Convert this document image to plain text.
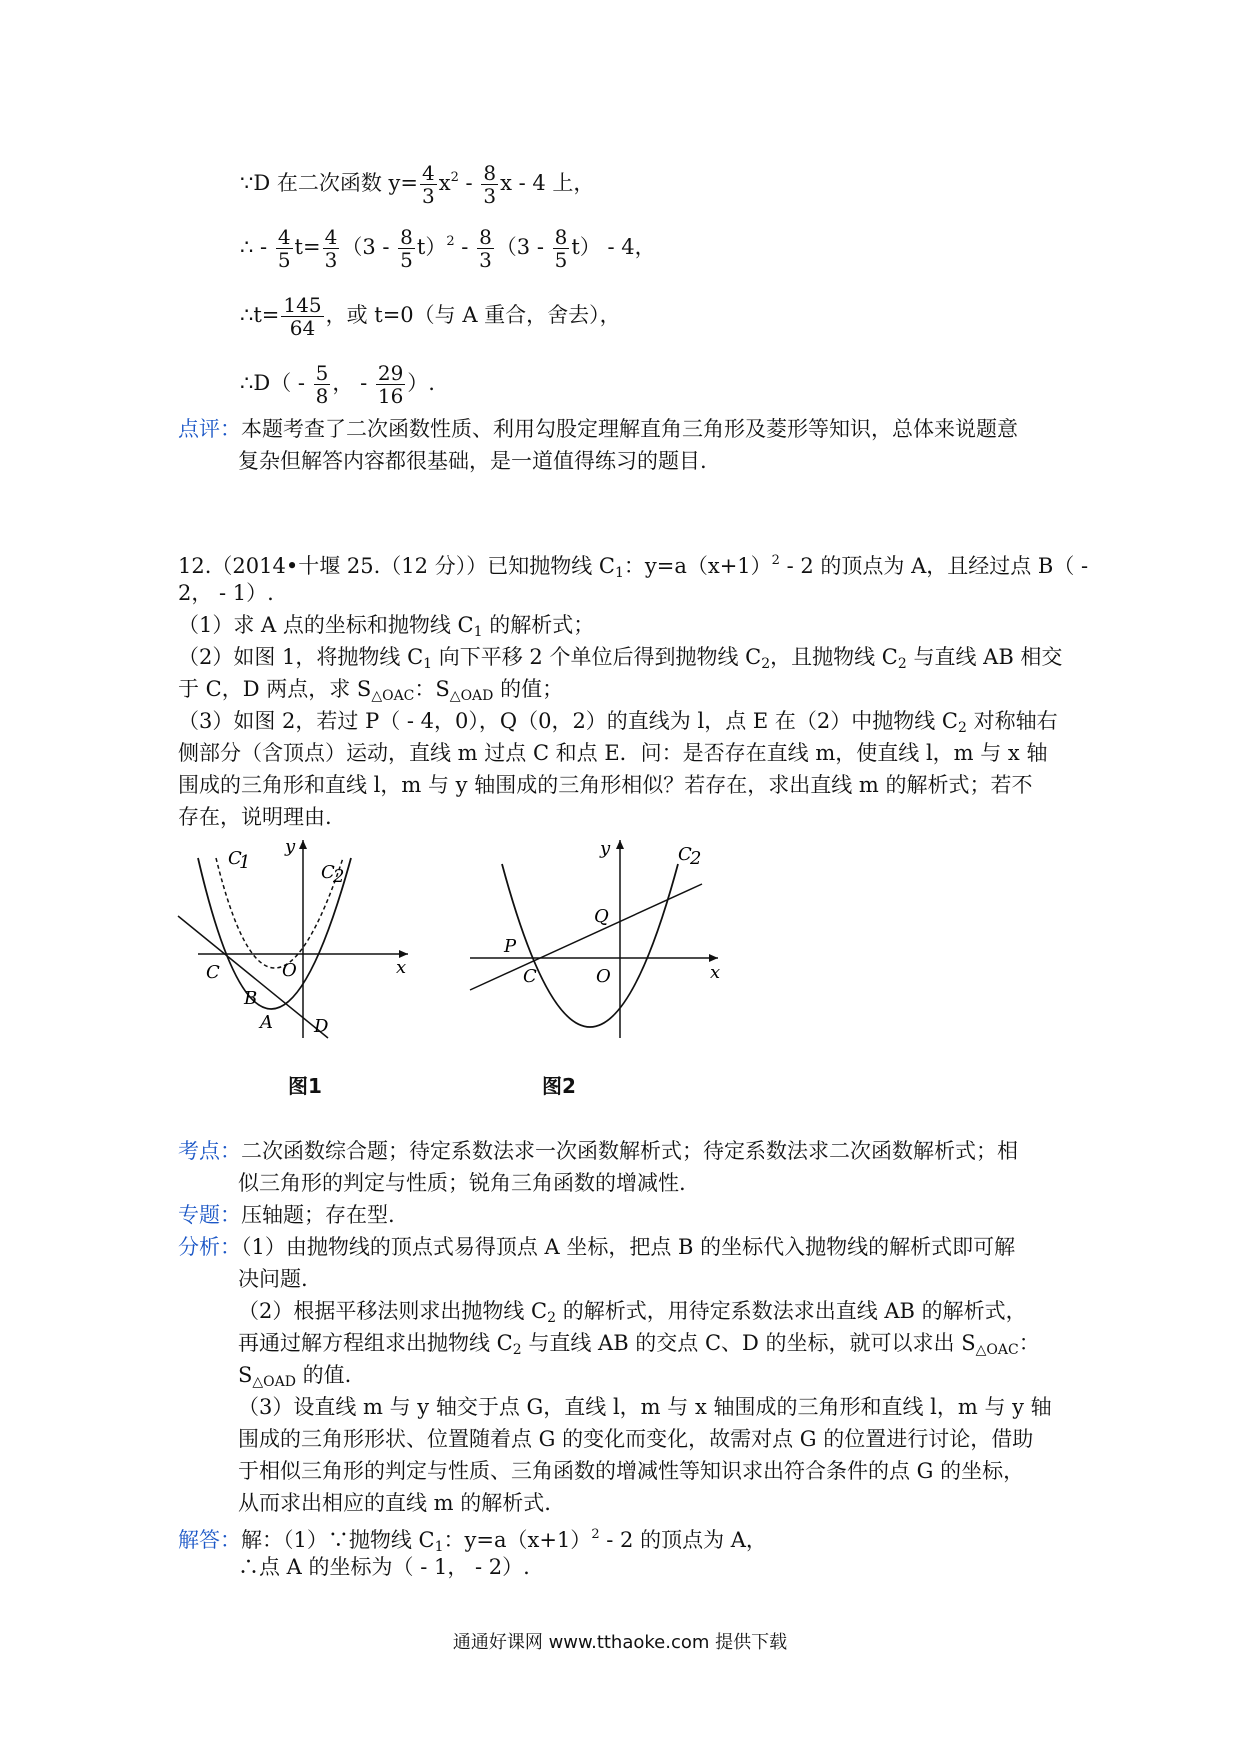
∵D 在二次函数 $y= \frac{4}{3} x^2 - \frac{8}{3}$ x - 4 上，
∴ - $\frac{4}{5} t= \frac{4}{3} (3 - \frac{8}{5} t)^2 - \frac{8}{3} (3 - \frac{8}{5} t) - 4$，
∴t= $\frac{145}{64}$ ，或 t=0（与 A 重合，舍去），
∴D（ - $\frac{5}{8}$ ， - $\frac{29}{16}$ ）.
点评：本题考查了二次函数性质、利用勾股定理解直角三角形及菱形等知识，总体来说题意
复杂但解答内容都很基础，是一道值得练习的题目.
12.（2014•十堰 25.（12 分））已知抛物线 $C_1$：$y=a(x+1)^2 - 2$ 的顶点为 A，且经过点 B（ -
2， - 1）.
（1）求 A 点的坐标和抛物线 $C_1$ 的解析式；
（2）如图 1，将抛物线 $C_1$ 向下平移 2 个单位后得到抛物线 $C_2$，且抛物线 $C_2$ 与直线 AB 相交
于 C，D 两点，求 $S_{\triangle OAC}$：$S_{\triangle OAD}$ 的值；
（3）如图 2，若过 P（ - 4，0），Q（0，2）的直线为 l，点 E 在（2）中抛物线 $C_2$ 对称轴右
侧部分（含顶点）运动，直线 m 过点 C 和点 E．问：是否存在直线 m，使直线 l，m 与 x 轴
围成的三角形和直线 l，m 与 y 轴围成的三角形相似？若存在，求出直线 m 的解析式；若不
存在，说明理由.
C
1	C
2
y
x
O
C
B
A D
图1
y
x
O
C
P
Q
C
2
图2
考点：二次函数综合题；待定系数法求一次函数解析式；待定系数法求二次函数解析式；相
似三角形的判定与性质；锐角三角函数的增减性.
专题：压轴题；存在型.
分析：（1）由抛物线的顶点式易得顶点 A 坐标，把点 B 的坐标代入抛物线的解析式即可解
决问题.
（2）根据平移法则求出抛物线 $C_2$ 的解析式，用待定系数法求出直线 AB 的解析式，
再通过解方程组求出抛物线 $C_2$ 与直线 AB 的交点 C、D 的坐标，就可以求出 $S_{\triangle OAC}$：
$S_{\triangle OAD}$ 的值.
（3）设直线 m 与 y 轴交于点 G，直线 l，m 与 x 轴围成的三角形和直线 l，m 与 y 轴
围成的三角形形状、位置随着点 G 的变化而变化，故需对点 G 的位置进行讨论，借助
于相似三角形的判定与性质、三角函数的增减性等知识求出符合条件的点 G 的坐标，
从而求出相应的直线 m 的解析式.
解答：解：（1）∵抛物线 $C_1$：$y=a(x+1)^2 - 2$ 的顶点为 A，
∴点 A 的坐标为（ - 1， - 2）.
通通好课网 www.tthaoke.com 提供下载
